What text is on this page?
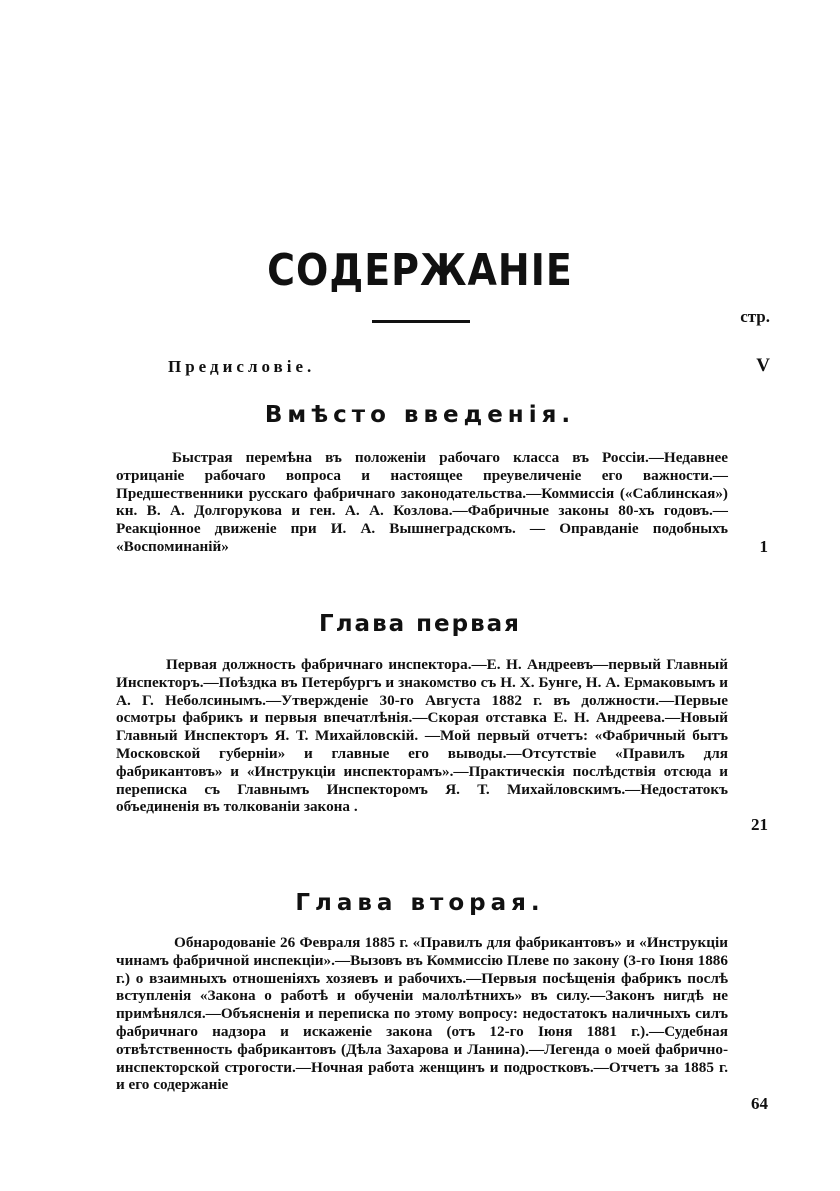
СОДЕРЖАНІЕ
стр.
Предисловіе.	V
Вмѣсто введенія.
Быстрая перемѣна въ положеніи рабочаго класса въ Россіи.—Недавнее отрицаніе рабочаго вопроса и настоящее преувеличеніе его важности.—Предшественники русскаго фабричнаго законодательства.—Коммиссія («Саблинская») кн. В. А. Долгорукова и ген. А. А. Козлова.—Фабричные законы 80-хъ годовъ.—Реакціонное движеніе при И. А. Вышнеградскомъ. — Оправданіе подобныхъ «Воспоминаній»	1
Глава первая
Первая должность фабричнаго инспектора.—Е. Н. Андреевъ—первый Главный Инспекторъ.—Поѣздка въ Петербургъ и знакомство съ Н. Х. Бунге, Н. А. Ермаковымъ и А. Г. Неболсинымъ.—Утвержденіе 30-го Августа 1882 г. въ должности.—Первые осмотры фабрикъ и первыя впечатлѣнія.—Скорая отставка Е. Н. Андреева.—Новый Главный Инспекторъ Я. Т. Михайловскій. —Мой первый отчетъ: «Фабричный бытъ Московской губерніи» и главные его выводы.—Отсутствіе «Правилъ для фабрикантовъ» и «Инструкціи инспекторамъ».—Практическія послѣдствія отсюда и переписка съ Главнымъ Инспекторомъ Я. Т. Михайловскимъ.—Недостатокъ объединенія въ толкованіи закона .
21
Глава вторая.
Обнародованіе 26 Февраля 1885 г. «Правилъ для фабрикантовъ» и «Инструкціи чинамъ фабричной инспекціи».—Вызовъ въ Коммиссію Плеве по закону (3-го Іюня 1886 г.) о взаимныхъ отношеніяхъ хозяевъ и рабочихъ.—Первыя посѣщенія фабрикъ послѣ вступленія «Закона о работѣ и обученіи малолѣтнихъ» въ силу.—Законъ нигдѣ не примѣнялся.—Объясненія и переписка по этому вопросу: недостатокъ наличныхъ силъ фабричнаго надзора и искаженіе закона (отъ 12-го Іюня 1881 г.).—Судебная отвѣтственность фабрикантовъ (Дѣла Захарова и Ланина).—Легенда о моей фабрично-инспекторской строгости.—Ночная работа женщинъ и подростковъ.—Отчетъ за 1885 г. и его содержаніе
64
